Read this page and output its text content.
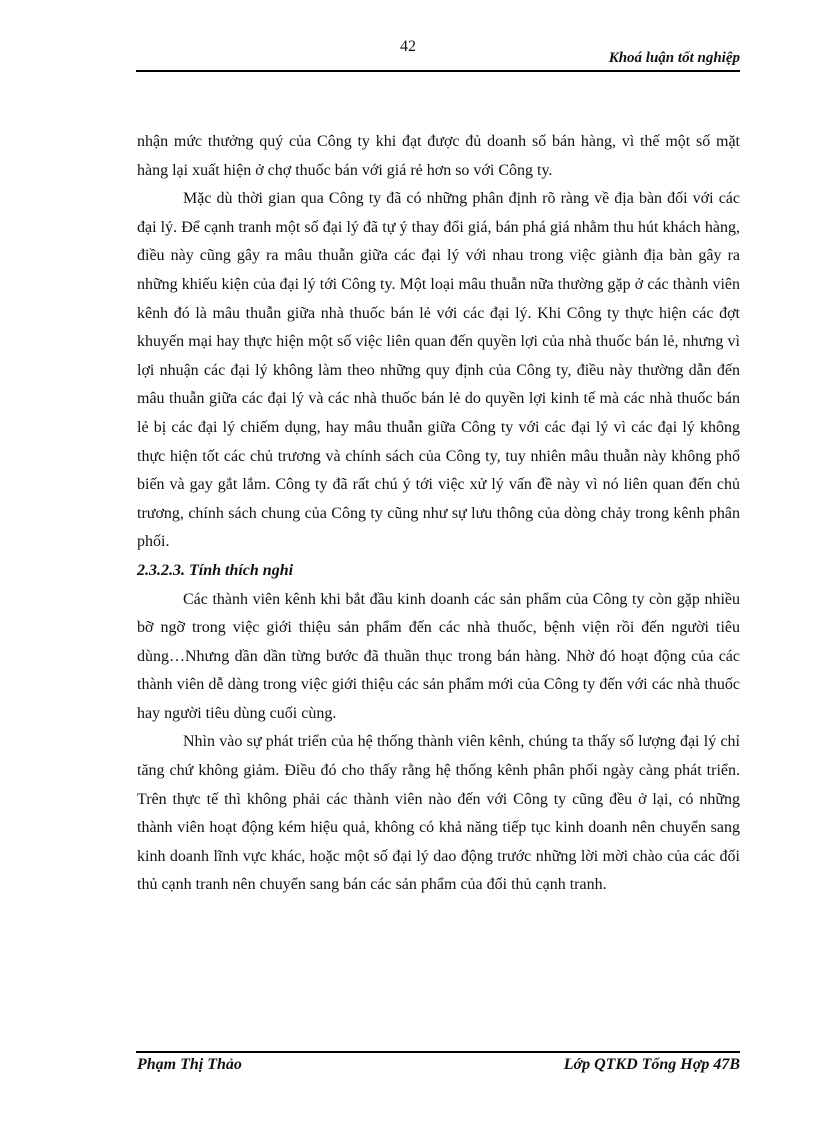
42
Khoá luận tốt nghiệp

nhận mức thưởng quý của Công ty khi đạt được đủ doanh số bán hàng, vì thế một số mặt hàng lại xuất hiện ở chợ thuốc bán với giá rẻ hơn so với Công ty.

Mặc dù thời gian qua Công ty đã có những phân định rõ ràng về địa bàn đối với các đại lý. Để cạnh tranh một số đại lý đã tự ý thay đổi giá, bán phá giá nhằm thu hút khách hàng, điều này cũng gây ra mâu thuẫn giữa các đại lý với nhau trong việc giành địa bàn gây ra những khiếu kiện của đại lý tới Công ty. Một loại mâu thuẫn nữa thường gặp ở các thành viên kênh đó là mâu thuẫn giữa nhà thuốc bán lẻ với các đại lý. Khi Công ty thực hiện các đợt khuyến mại hay thực hiện một số việc liên quan đến quyền lợi của nhà thuốc bán lẻ, nhưng vì lợi nhuận các đại lý không làm theo những quy định của Công ty, điều này thường dẫn đến mâu thuẫn giữa các đại lý và các nhà thuốc bán lẻ do quyền lợi kinh tế mà các nhà thuốc bán lẻ bị các đại lý chiếm dụng, hay mâu thuẫn giữa Công ty với các đại lý vì các đại lý không thực hiện tốt các chủ trương và chính sách của Công ty, tuy nhiên mâu thuẫn này không phổ biến và gay gắt lắm. Công ty đã rất chú ý tới việc xử lý vấn đề này vì nó liên quan đến chủ trương, chính sách chung của Công ty cũng như sự lưu thông của dòng chảy trong kênh phân phối.

2.3.2.3. Tính thích nghi

Các thành viên kênh khi bắt đầu kinh doanh các sản phẩm của Công ty còn gặp nhiều bỡ ngỡ trong việc giới thiệu sản phẩm đến các nhà thuốc, bệnh viện rồi đến người tiêu dùng…Nhưng dần dần từng bước đã thuần thục trong bán hàng. Nhờ đó hoạt động của các thành viên dễ dàng trong việc giới thiệu các sản phẩm mới của Công ty đến với các nhà thuốc hay người tiêu dùng cuối cùng.

Nhìn vào sự phát triển của hệ thống thành viên kênh, chúng ta thấy số lượng đại lý chỉ tăng chứ không giảm. Điều đó cho thấy rằng hệ thống kênh phân phối ngày càng phát triển. Trên thực tế thì không phải các thành viên nào đến với Công ty cũng đều ở lại, có những thành viên hoạt động kém hiệu quả, không có khả năng tiếp tục kinh doanh nên chuyển sang kinh doanh lĩnh vực khác, hoặc một số đại lý dao động trước những lời mời chào của các đối thủ cạnh tranh nên chuyển sang bán các sản phẩm của đối thủ cạnh tranh.

Phạm Thị Thảo	Lớp QTKD Tổng Hợp 47B
